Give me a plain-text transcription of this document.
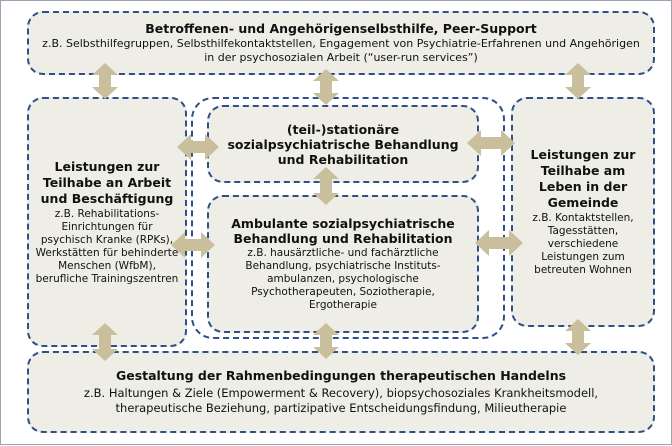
Betroffenen- und Angehörigenselbsthilfe, Peer-Support
z.B. Selbsthilfegruppen, Selbsthilfekontaktstellen, Engagement von Psychiatrie-Erfahrenen und Angehörigen in der psychosozialen Arbeit (“user-run services”)
Leistungen zur Teilhabe an Arbeit und Beschäftigung
z.B. Rehabilitations-Einrichtungen für psychisch Kranke (RPKs), Werkstätten für behinderte Menschen (WfbM), berufliche Trainingszentren
(teil-)stationäre sozialpsychiatrische Behandlung und Rehabilitation
Ambulante sozialpsychiatrische Behandlung und Rehabilitation
z.B. hausärztliche- und fachärztliche Behandlung, psychiatrische Instituts-ambulanzen, psychologische Psychotherapeuten, Soziotherapie, Ergotherapie
Leistungen zur Teilhabe am Leben in der Gemeinde
z.B. Kontaktstellen, Tagesstätten, verschiedene Leistungen zum betreuten Wohnen
Gestaltung der Rahmenbedingungen therapeutischen Handelns
z.B. Haltungen & Ziele (Empowerment & Recovery), biopsychosoziales Krankheitsmodell, therapeutische Beziehung, partizipative Entscheidungsfindung, Milieutherapie
